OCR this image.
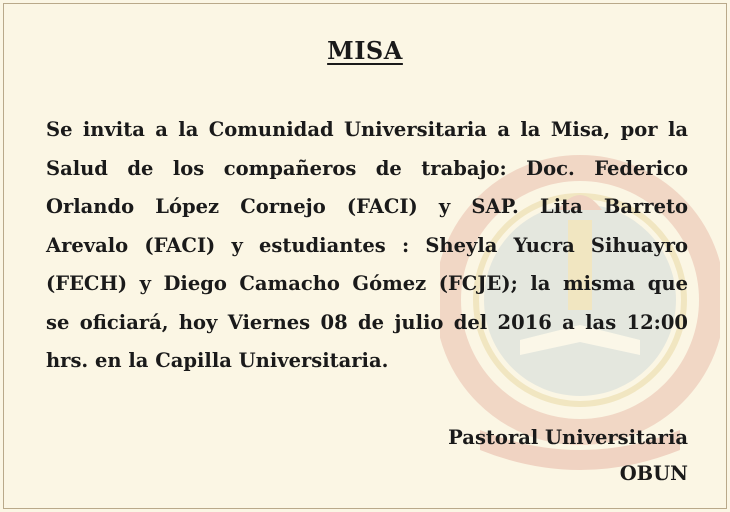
MISA
Se invita a la Comunidad Universitaria a la Misa, por la
Salud de los compañeros de trabajo: Doc. Federico
Orlando López Cornejo (FACI) y SAP. Lita Barreto
Arevalo (FACI) y estudiantes : Sheyla Yucra Sihuayro
(FECH) y Diego Camacho Gómez (FCJE); la misma que
se oficiará, hoy Viernes 08 de julio del 2016 a las 12:00
hrs. en la Capilla Universitaria.
Pastoral Universitaria
OBUN
